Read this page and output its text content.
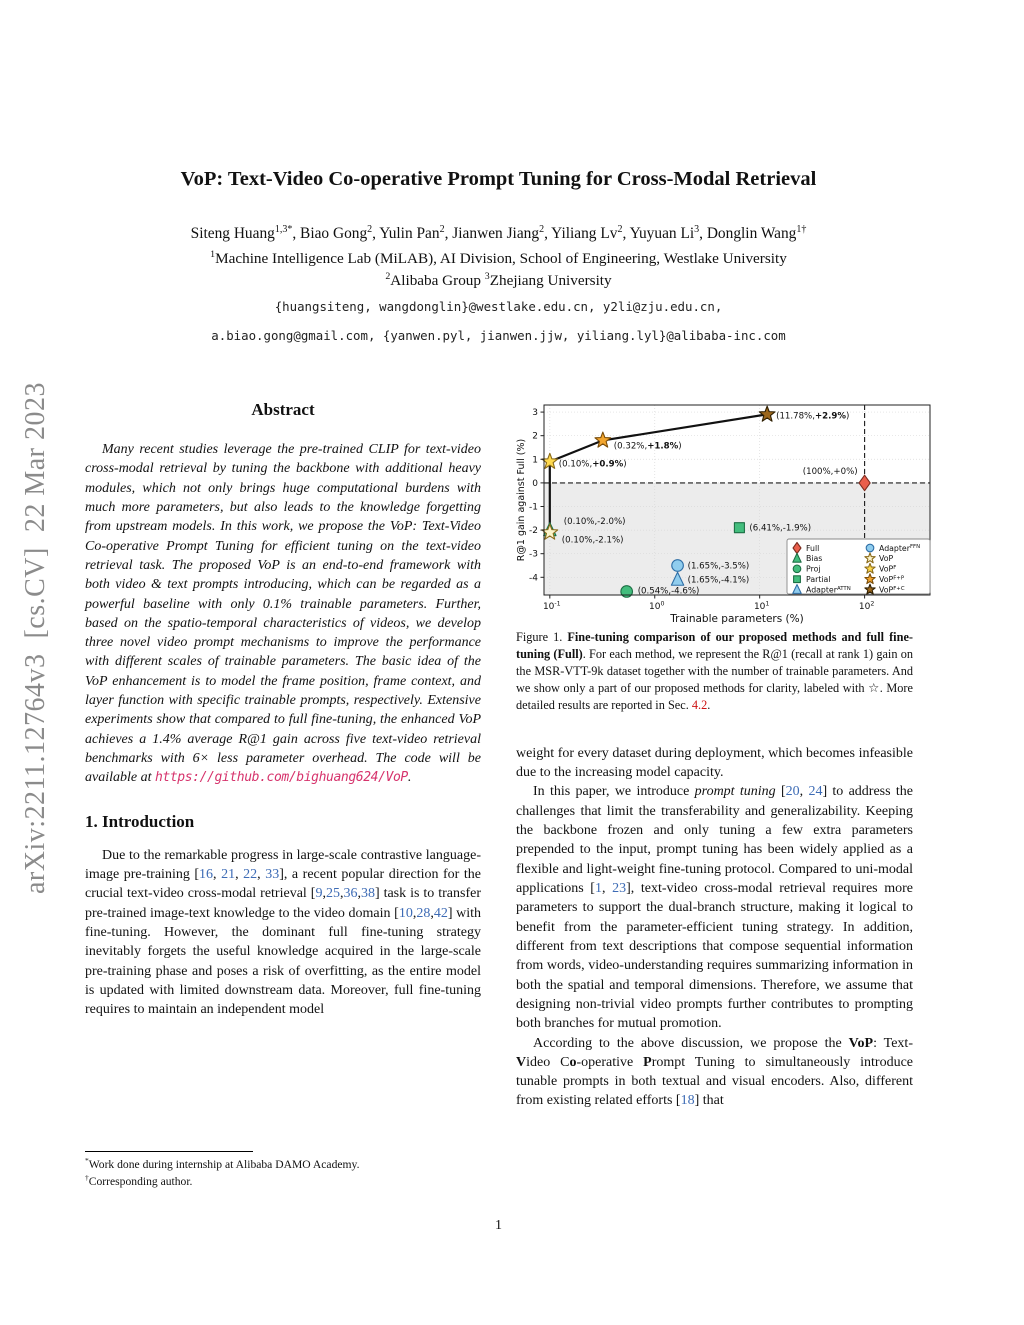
arXiv:2211.12764v3  [cs.CV]  22 Mar 2023
VoP: Text-Video Co-operative Prompt Tuning for Cross-Modal Retrieval
Siteng Huang$^{1,3*}$, Biao Gong$^2$, Yulin Pan$^2$, Jianwen Jiang$^2$, Yiliang Lv$^2$, Yuyuan Li$^3$, Donglin Wang$^{1\dagger}$
$^1$Machine Intelligence Lab (MiLAB), AI Division, School of Engineering, Westlake University
$^2$Alibaba Group $^3$Zhejiang University
{huangsiteng, wangdonglin}@westlake.edu.cn, y2li@zju.edu.cn,
a.biao.gong@gmail.com, {yanwen.pyl, jianwen.jjw, yiliang.lyl}@alibaba-inc.com
Abstract

Many recent studies leverage the pre-trained CLIP for text-video cross-modal retrieval by tuning the backbone with additional heavy modules, which not only brings huge computational burdens with much more parameters, but also leads to the knowledge forgetting from upstream models. In this work, we propose the VoP: Text-Video Co-operative Prompt Tuning for efficient tuning on the text-video retrieval task. The proposed VoP is an end-to-end framework with both video & text prompts introducing, which can be regarded as a powerful baseline with only 0.1% trainable parameters. Further, based on the spatio-temporal characteristics of videos, we develop three novel video prompt mechanisms to improve the performance with different scales of trainable parameters. The basic idea of the VoP enhancement is to model the frame position, frame context, and layer function with specific trainable prompts, respectively. Extensive experiments show that compared to full fine-tuning, the enhanced VoP achieves a 1.4% average R@1 gain across five text-video retrieval benchmarks with 6× less parameter overhead. The code will be available at https://github.com/bighuang624/VoP.

1. Introduction

Due to the remarkable progress in large-scale contrastive language-image pre-training [16, 21, 22, 33], a recent popular direction for the crucial text-video cross-modal retrieval [9,25,36,38] task is to transfer pre-trained image-text knowledge to the video domain [10,28,42] with fine-tuning. However, the dominant full fine-tuning strategy inevitably forgets the useful knowledge acquired in the large-scale pre-training phase and poses a risk of overfitting, as the entire model is updated with limited downstream data. Moreover, full fine-tuning requires to maintain an independent model

*Work done during internship at Alibaba DAMO Academy.
†Corresponding author.
(100%,+0%)
(0.10%,-2.0%)
(0.54%,-4.6%)
(6.41%,-1.9%)
(1.65%,-4.1%)
(1.65%,-3.5%)
(0.10%,-2.1%)
(0.10%,+0.9%)
(0.32%,+1.8%)
(11.78%,+2.9%)
$10^{-1}$	$10^0$	$10^1$	$10^2$
3
2
1
0
-1
-2
-3
-4
Trainable parameters (%)
R@1 gain against Full (%)	Full
Bias
Proj
Partial
Adapter$^{ATTN}$
Adapter$^{FFN}$
VoP
VoP$^F$
VoP$^{F+P}$
VoP$^{F+C}$

Figure 1. Fine-tuning comparison of our proposed methods and full fine-tuning (Full). For each method, we represent the R@1 (recall at rank 1) gain on the MSR-VTT-9k dataset together with the number of trainable parameters. And we show only a part of our proposed methods for clarity, labeled with ☆. More detailed results are reported in Sec. 4.2.

weight for every dataset during deployment, which becomes infeasible due to the increasing model capacity.

In this paper, we introduce prompt tuning [20, 24] to address the challenges that limit the transferability and generalizability. Keeping the backbone frozen and only tuning a few extra parameters prepended to the input, prompt tuning has been widely applied as a flexible and light-weight fine-tuning protocol. Compared to uni-modal applications [1, 23], text-video cross-modal retrieval requires more parameters to support the dual-branch structure, making it logical to benefit from the parameter-efficient tuning strategy. In addition, different from text descriptions that compose sequential information from words, video-understanding requires summarizing information in both the spatial and temporal dimensions. Therefore, we assume that designing non-trivial video prompts further contributes to prompting both branches for mutual promotion.

According to the above discussion, we propose the VoP: Text-Video Co-operative Prompt Tuning to simultaneously introduce tunable prompts in both textual and visual encoders. Also, different from existing related efforts [18] that

1
